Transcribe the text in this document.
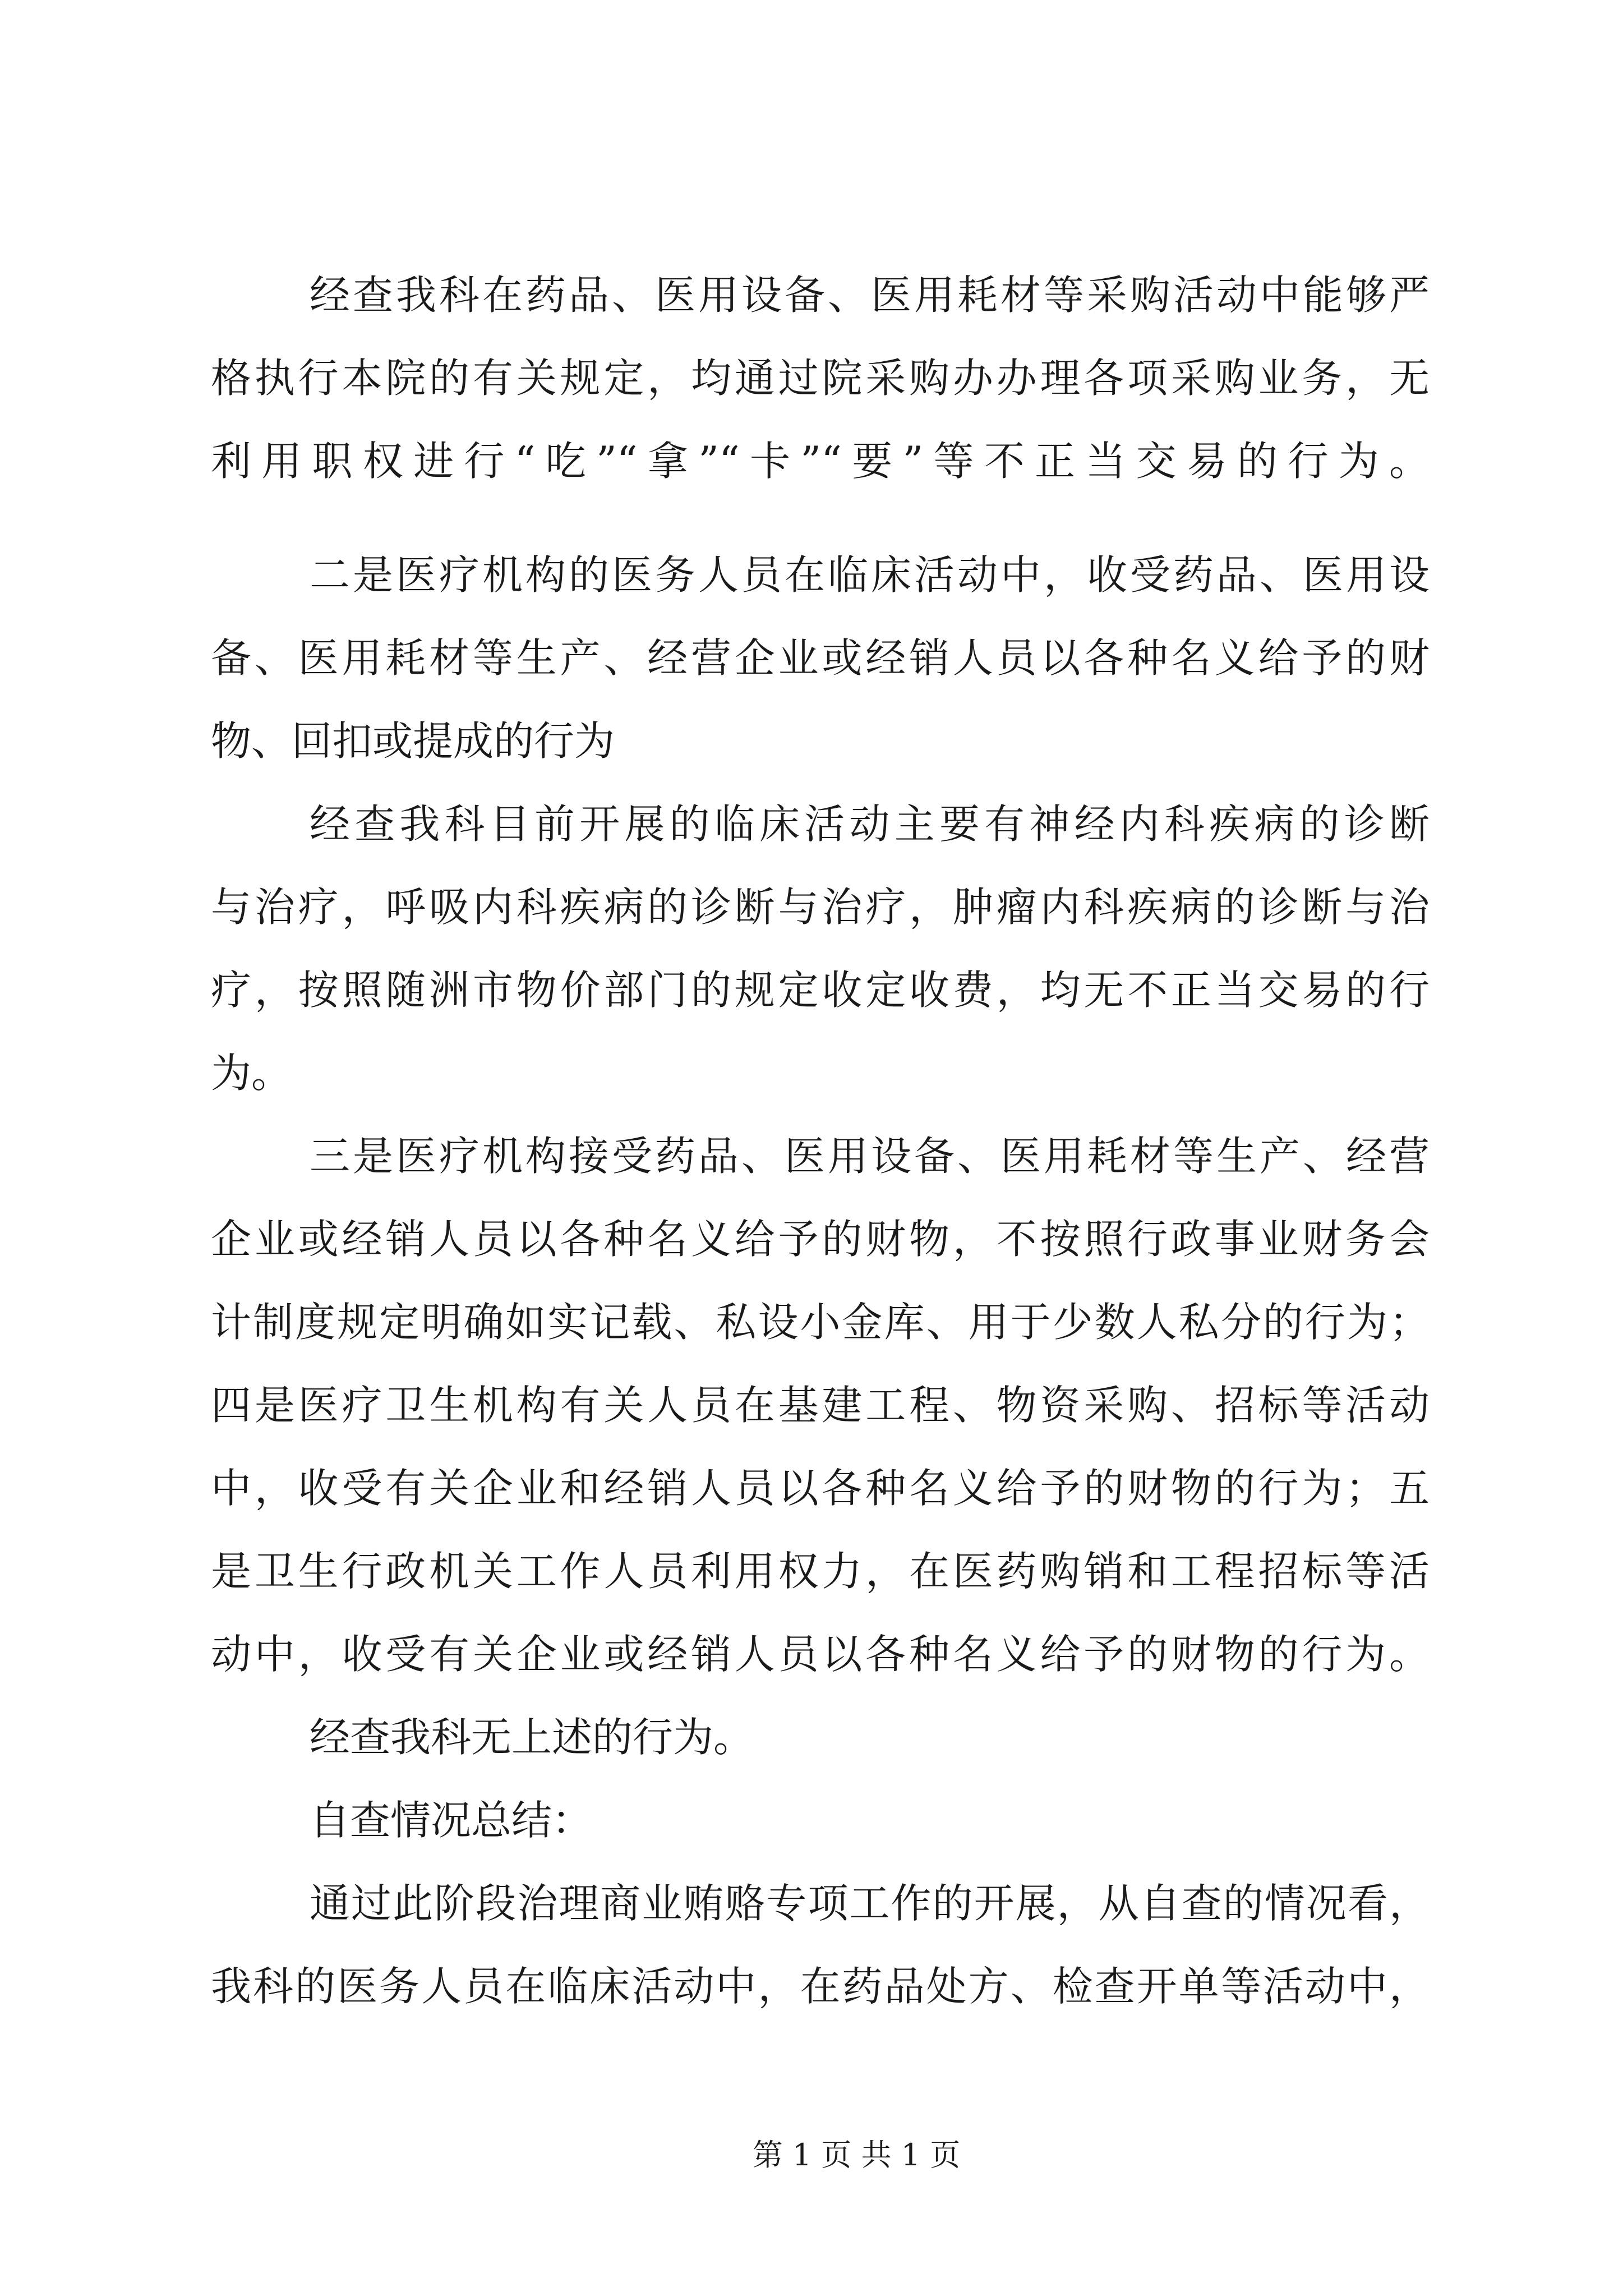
经查我科在药品、医用设备、医用耗材等采购活动中能够严
格执行本院的有关规定，均通过院采购办办理各项采购业务，无
利用职权进行“吃”“拿”“卡”“要”等不正当交易的行为。
二是医疗机构的医务人员在临床活动中，收受药品、医用设
备、医用耗材等生产、经营企业或经销人员以各种名义给予的财
物、回扣或提成的行为
经查我科目前开展的临床活动主要有神经内科疾病的诊断
与治疗，呼吸内科疾病的诊断与治疗，肿瘤内科疾病的诊断与治
疗，按照随洲市物价部门的规定收定收费，均无不正当交易的行
为。
三是医疗机构接受药品、医用设备、医用耗材等生产、经营
企业或经销人员以各种名义给予的财物，不按照行政事业财务会
计制度规定明确如实记载、私设小金库、用于少数人私分的行为；
四是医疗卫生机构有关人员在基建工程、物资采购、招标等活动
中，收受有关企业和经销人员以各种名义给予的财物的行为；五
是卫生行政机关工作人员利用权力，在医药购销和工程招标等活
动中，收受有关企业或经销人员以各种名义给予的财物的行为。
经查我科无上述的行为。
自查情况总结：
通过此阶段治理商业贿赂专项工作的开展，从自查的情况看，
我科的医务人员在临床活动中，在药品处方、检查开单等活动中，
第 1 页 共 1 页
